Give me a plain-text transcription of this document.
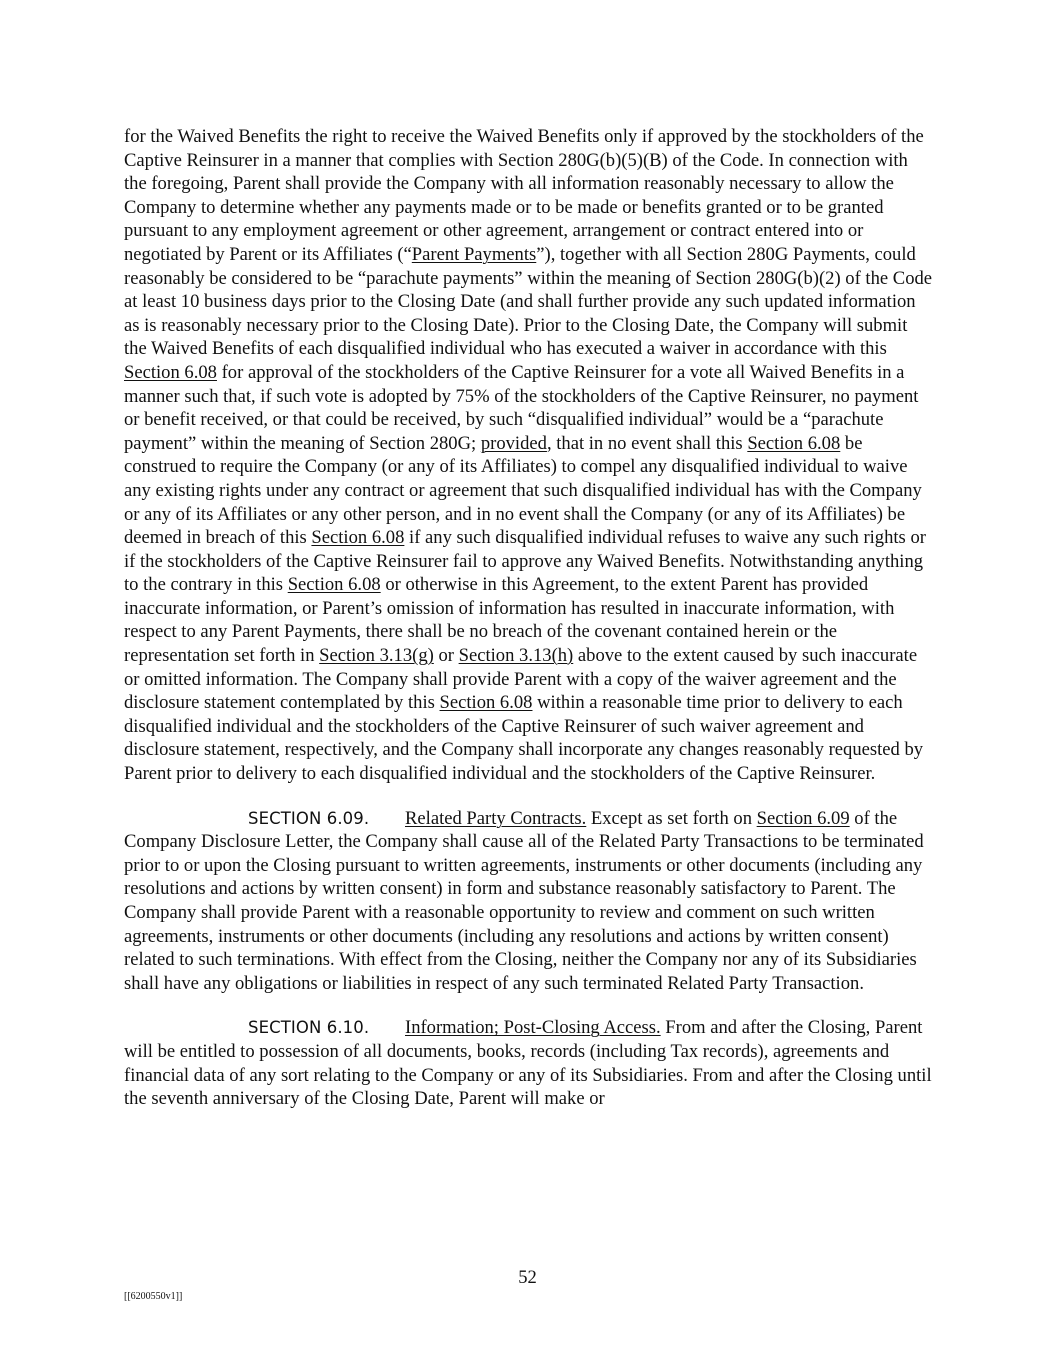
for the Waived Benefits the right to receive the Waived Benefits only if approved by the stockholders of the Captive Reinsurer in a manner that complies with Section 280G(b)(5)(B) of the Code. In connection with the foregoing, Parent shall provide the Company with all information reasonably necessary to allow the Company to determine whether any payments made or to be made or benefits granted or to be granted pursuant to any employment agreement or other agreement, arrangement or contract entered into or negotiated by Parent or its Affiliates (“Parent Payments”), together with all Section 280G Payments, could reasonably be considered to be “parachute payments” within the meaning of Section 280G(b)(2) of the Code at least 10 business days prior to the Closing Date (and shall further provide any such updated information as is reasonably necessary prior to the Closing Date). Prior to the Closing Date, the Company will submit the Waived Benefits of each disqualified individual who has executed a waiver in accordance with this Section 6.08 for approval of the stockholders of the Captive Reinsurer for a vote all Waived Benefits in a manner such that, if such vote is adopted by 75% of the stockholders of the Captive Reinsurer, no payment or benefit received, or that could be received, by such “disqualified individual” would be a “parachute payment” within the meaning of Section 280G; provided, that in no event shall this Section 6.08 be construed to require the Company (or any of its Affiliates) to compel any disqualified individual to waive any existing rights under any contract or agreement that such disqualified individual has with the Company or any of its Affiliates or any other person, and in no event shall the Company (or any of its Affiliates) be deemed in breach of this Section 6.08 if any such disqualified individual refuses to waive any such rights or if the stockholders of the Captive Reinsurer fail to approve any Waived Benefits. Notwithstanding anything to the contrary in this Section 6.08 or otherwise in this Agreement, to the extent Parent has provided inaccurate information, or Parent’s omission of information has resulted in inaccurate information, with respect to any Parent Payments, there shall be no breach of the covenant contained herein or the representation set forth in Section 3.13(g) or Section 3.13(h) above to the extent caused by such inaccurate or omitted information. The Company shall provide Parent with a copy of the waiver agreement and the disclosure statement contemplated by this Section 6.08 within a reasonable time prior to delivery to each disqualified individual and the stockholders of the Captive Reinsurer of such waiver agreement and disclosure statement, respectively, and the Company shall incorporate any changes reasonably requested by Parent prior to delivery to each disqualified individual and the stockholders of the Captive Reinsurer.

SECTION 6.09. Related Party Contracts. Except as set forth on Section 6.09 of the Company Disclosure Letter, the Company shall cause all of the Related Party Transactions to be terminated prior to or upon the Closing pursuant to written agreements, instruments or other documents (including any resolutions and actions by written consent) in form and substance reasonably satisfactory to Parent. The Company shall provide Parent with a reasonable opportunity to review and comment on such written agreements, instruments or other documents (including any resolutions and actions by written consent) related to such terminations. With effect from the Closing, neither the Company nor any of its Subsidiaries shall have any obligations or liabilities in respect of any such terminated Related Party Transaction.

SECTION 6.10. Information; Post-Closing Access. From and after the Closing, Parent will be entitled to possession of all documents, books, records (including Tax records), agreements and financial data of any sort relating to the Company or any of its Subsidiaries. From and after the Closing until the seventh anniversary of the Closing Date, Parent will make or

52
[[6200550v1]]
